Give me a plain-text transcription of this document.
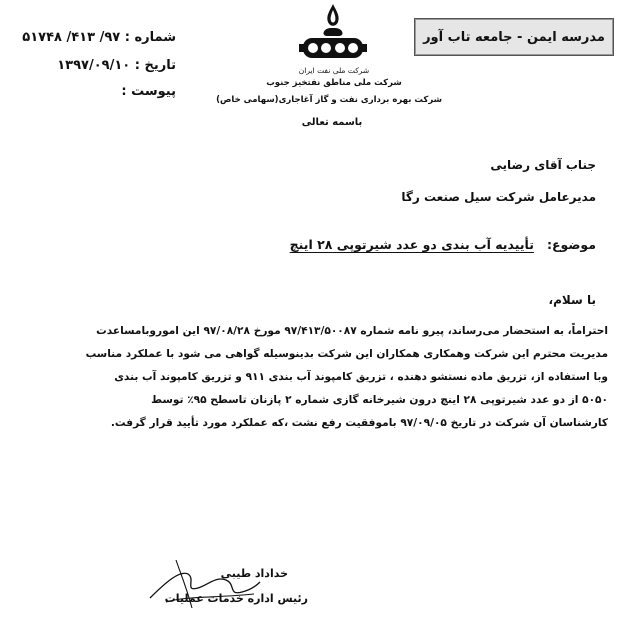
شماره : ۹۷/ ۴۱۳/ ۵۱۷۴۸
تاریخ : ۱۳۹۷/۰۹/۱۰
پیوست :
شرکت ملی نفت ایران
شرکت ملی مناطق نفتخیز جنوب
شرکت بهره برداری نفت و گاز آغاجاری(سهامی خاص)
باسمه تعالی
مدرسه ایمن - جامعه تاب آور
جناب آقای رضایی
مدیرعامل شرکت سیل صنعت رگا
موضوع:   تأییدیه آب بندی دو عدد شیرتوپی ۲۸ اینچ
با سلام،
احتراماً، به استحضار می‌رساند، پیرو نامه شماره ۹۷/۴۱۳/۵۰۰۸۷ مورخ ۹۷/۰۸/۲۸ این اموروبامساعدت
مدیریت محترم این شرکت وهمکاری همکاران این شرکت بدینوسیله گواهی می شود با عملکرد مناسب
وبا استفاده از، تزریق ماده نستشو دهنده ، تزریق کامپوند آب بندی ۹۱۱ و تزریق کامپوند آب بندی
۵۰۵۰ از دو عدد شیرتوپی ۲۸ اینچ درون شیرخانه گازی شماره ۲ پازنان تاسطح ۹۵٪ توسط
کارشناسان آن شرکت در تاریخ ۹۷/۰۹/۰۵ باموفقیت رفع نشت ،که عملکرد مورد تأیید قرار گرفت.
خداداد طیبی
رئیس اداره خدمات عملیات
